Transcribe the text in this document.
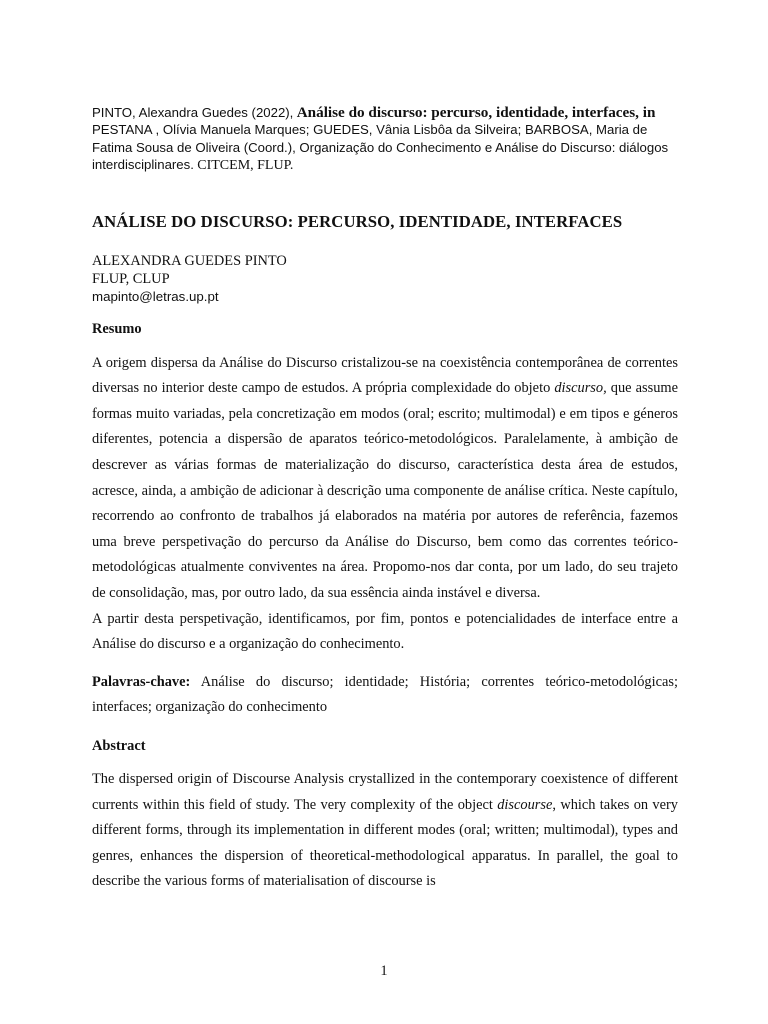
PINTO, Alexandra Guedes (2022), Análise do discurso: percurso, identidade, interfaces, in PESTANA , Olívia Manuela Marques; GUEDES, Vânia Lisbôa da Silveira; BARBOSA, Maria de Fatima Sousa de Oliveira (Coord.), Organização do Conhecimento e Análise do Discurso: diálogos interdisciplinares. CITCEM, FLUP.
ANÁLISE DO DISCURSO: PERCURSO, IDENTIDADE, INTERFACES
ALEXANDRA GUEDES PINTO
FLUP, CLUP
mapinto@letras.up.pt
Resumo
A origem dispersa da Análise do Discurso cristalizou-se na coexistência contemporânea de correntes diversas no interior deste campo de estudos. A própria complexidade do objeto discurso, que assume formas muito variadas, pela concretização em modos (oral; escrito; multimodal) e em tipos e géneros diferentes, potencia a dispersão de aparatos teórico-metodológicos. Paralelamente, à ambição de descrever as várias formas de materialização do discurso, característica desta área de estudos, acresce, ainda, a ambição de adicionar à descrição uma componente de análise crítica. Neste capítulo, recorrendo ao confronto de trabalhos já elaborados na matéria por autores de referência, fazemos uma breve perspetivação do percurso da Análise do Discurso, bem como das correntes teórico-metodológicas atualmente conviventes na área. Propomo-nos dar conta, por um lado, do seu trajeto de consolidação, mas, por outro lado, da sua essência ainda instável e diversa.
A partir desta perspetivação, identificamos, por fim, pontos e potencialidades de interface entre a Análise do discurso e a organização do conhecimento.
Palavras-chave: Análise do discurso; identidade; História; correntes teórico-metodológicas; interfaces; organização do conhecimento
Abstract
The dispersed origin of Discourse Analysis crystallized in the contemporary coexistence of different currents within this field of study. The very complexity of the object discourse, which takes on very different forms, through its implementation in different modes (oral; written; multimodal), types and genres, enhances the dispersion of theoretical-methodological apparatus. In parallel, the goal to describe the various forms of materialisation of discourse is
1
